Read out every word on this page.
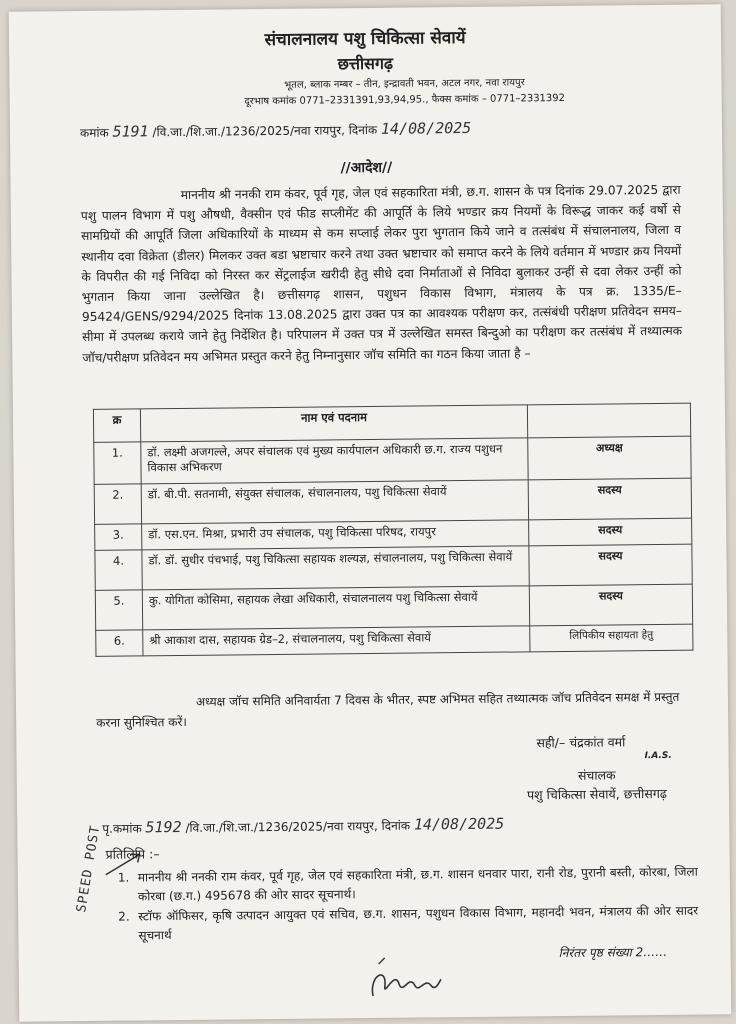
संचालनालय पशु चिकित्सा सेवायें
छत्तीसगढ़
भूतल, ब्लाक नम्बर – तीन, इन्द्रावती भवन, अटल नगर, नवा रायपुर
दूरभाष कमांक 0771–2331391,93,94,95., फैक्स कमांक – 0771–2331392
कमांक 5191 /वि.जा./शि.जा./1236/2025/नवा रायपुर, दिनांक 14/08/2025
//आदेश//
माननीय श्री ननकी राम कंवर, पूर्व गृह, जेल एवं सहकारिता मंत्री, छ.ग. शासन के पत्र दिनांक 29.07.2025 द्वारा पशु पालन विभाग में पशु औषधी, वैक्सीन एवं फीड सप्लीमेंट की आपूर्ति के लिये भण्डार क्रय नियमों के विरूद्ध जाकर कई वर्षो से सामग्रियों की आपूर्ति जिला अधिकारियों के माध्यम से कम सप्लाई लेकर पुरा भुगतान किये जाने व तत्संबंध में संचालनालय, जिला व स्थानीय दवा विक्रेता (डीलर) मिलकर उक्त बडा भ्रष्टाचार करने तथा उक्त भ्रष्टाचार को समाप्त करने के लिये वर्तमान में भण्डार क्रय नियमों के विपरीत की गई निविदा को निरस्त कर सेंट्रलाईज खरीदी हेतु सीधे दवा निर्माताओं से निविदा बुलाकर उन्हीं से दवा लेकर उन्हीं को भुगतान किया जाना उल्लेखित है। छत्तीसगढ़ शासन, पशुधन विकास विभाग, मंत्रालय के पत्र क्र. 1335/E–95424/GENS/9294/2025 दिनांक 13.08.2025 द्वारा उक्त पत्र का आवश्यक परीक्षण कर, तत्संबंधी परीक्षण प्रतिवेदन समय–सीमा में उपलब्ध कराये जाने हेतु निर्देशित है। परिपालन में उक्त पत्र में उल्लेखित समस्त बिन्दुओ का परीक्षण कर तत्संबंध में तथ्यात्मक जॉच/परीक्षण प्रतिवेदन मय अभिमत प्रस्तुत करने हेतु निम्नानुसार जॉच समिति का गठन किया जाता है –
क्र	नाम एवं पदनाम	
1.	डॉ. लक्ष्मी अजगल्ले, अपर संचालक एवं मुख्य कार्यपालन अधिकारी छ.ग. राज्य पशुधन विकास अभिकरण	अध्यक्ष
2.	डॉ. बी.पी. सतनामी, संयुक्त संचालक, संचालनालय, पशु चिकित्सा सेवायें	सदस्य
3.	डॉ. एस.एन. मिश्रा, प्रभारी उप संचालक, पशु चिकित्सा परिषद, रायपुर	सदस्य
4.	डॉ. डॉ. सुधीर पंचभाई, पशु चिकित्सा सहायक शल्यज्ञ, संचालनालय, पशु चिकित्सा सेवायें	सदस्य
5.	कु. योगिता कोसिमा, सहायक लेखा अधिकारी, संचालनालय पशु चिकित्सा सेवायें	सदस्य
6.	श्री आकाश दास, सहायक ग्रेड–2, संचालनालय, पशु चिकित्सा सेवायें	लिपिकीय सहायता हेतु
अध्यक्ष जॉच समिति अनिवार्यता 7 दिवस के भीतर, स्पष्ट अभिमत सहित तथ्यात्मक जॉच प्रतिवेदन समक्ष में प्रस्तुत करना सुनिश्चित करें।
सही/– चंद्रकांत वर्मा
I.A.S.
संचालक
पशु चिकित्सा सेवायें, छत्तीसगढ़
पृ.कमांक 5192 /वि.जा./शि.जा./1236/2025/नवा रायपुर, दिनांक 14/08/2025
SPEED POST प्रतिलिपि :–
1. माननीय श्री ननकी राम कंवर, पूर्व गृह, जेल एवं सहकारिता मंत्री, छ.ग. शासन धनवार पारा, रानी रोड, पुरानी बस्ती, कोरबा, जिला कोरबा (छ.ग.) 495678 की ओर सादर सूचनार्थ।
2. स्टॉफ ऑफिसर, कृषि उत्पादन आयुक्त एवं सचिव, छ.ग. शासन, पशुधन विकास विभाग, महानदी भवन, मंत्रालय की ओर सादर सूचनार्थ
निरंतर पृष्ठ संख्या 2……
